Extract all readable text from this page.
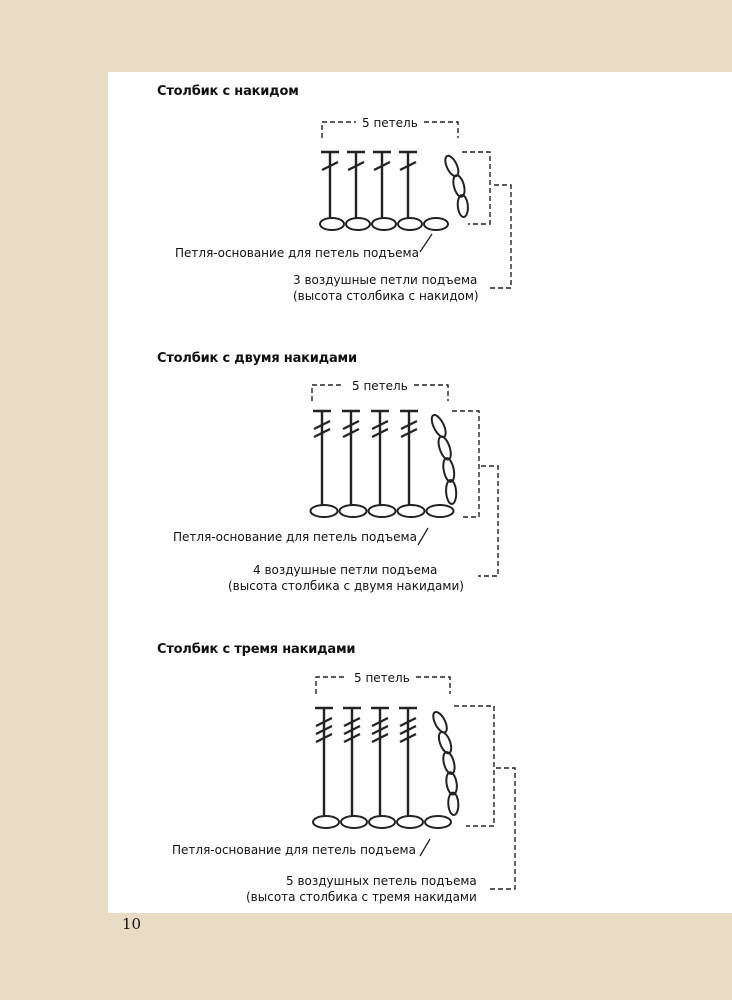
Столбик с накидом
Столбик с двумя накидами
Столбик с тремя накидами
5 петель
Петля-основание для петель подъема
3 воздушные петли подъема
(высота столбика с накидом)
5 петель
Петля-основание для петель подъема
4 воздушные петли подъема
(высота столбика с двумя накидами)
5 петель
Петля-основание для петель подъема
5 воздушных петель подъема
(высота столбика с тремя накидами
10
